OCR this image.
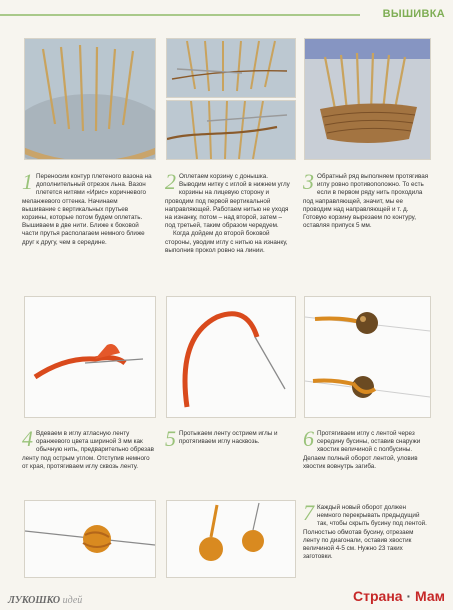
ВЫШИВКА
1 Переносим контур плетеного вазона на дополнительный отрезок льна. Вазон плетется нитями «Ирис» коричневого меланжевого оттенка. Начинаем вышивание с вертикальных прутьев корзины, которые потом будем оплетать. Вышиваем в две нити. Ближе к боковой части прутья располагаем немного ближе друг к другу, чем в середине.

2 Оплетаем корзину с донышка. Выводим нитку с иглой в нижнем углу корзины на лицевую сторону и проводим под первой вертикальной направляющей. Работаем нитью не уходя на изнанку, потом – над второй, затем – под третьей, таким образом чередуем.

Когда дойдем до второй боковой стороны, уводим иглу с нитью на изнанку, выполнив прокол ровно на линии.

3 Обратный ряд выполняем протягивая иглу ровно противоположно. То есть если в первом ряду нить проходила под направляющей, значит, мы ее проводим над направляющей и т. д. Готовую корзину вырезаем по контуру, оставляя припуск 5 мм.

4 Вдеваем в иглу атласную ленту оранжевого цвета шириной 3 мм как обычную нить, предварительно обрезав ленту под острым углом. Отступив немного от края, протягиваем иглу сквозь ленту.

5 Протыкаем ленту острием иглы и протягиваем иглу насквозь.	6 Протягиваем иглу с лентой через середину бусины, оставив снаружи хвостик величиной с полбусины. Делаем полный оборот лентой, уловив хвостик вовнутрь загиба.

7 Каждый новый оборот должен немного перекрывать предыдущий так, чтобы скрыть бусину под лентой. Полностью обмотав бусину, отрезаем ленту по диагонали, оставив хвостик величиной 4-5 см. Нужно 23 таких заготовки.

ЛУКОШКО идей	Страна · Мам
